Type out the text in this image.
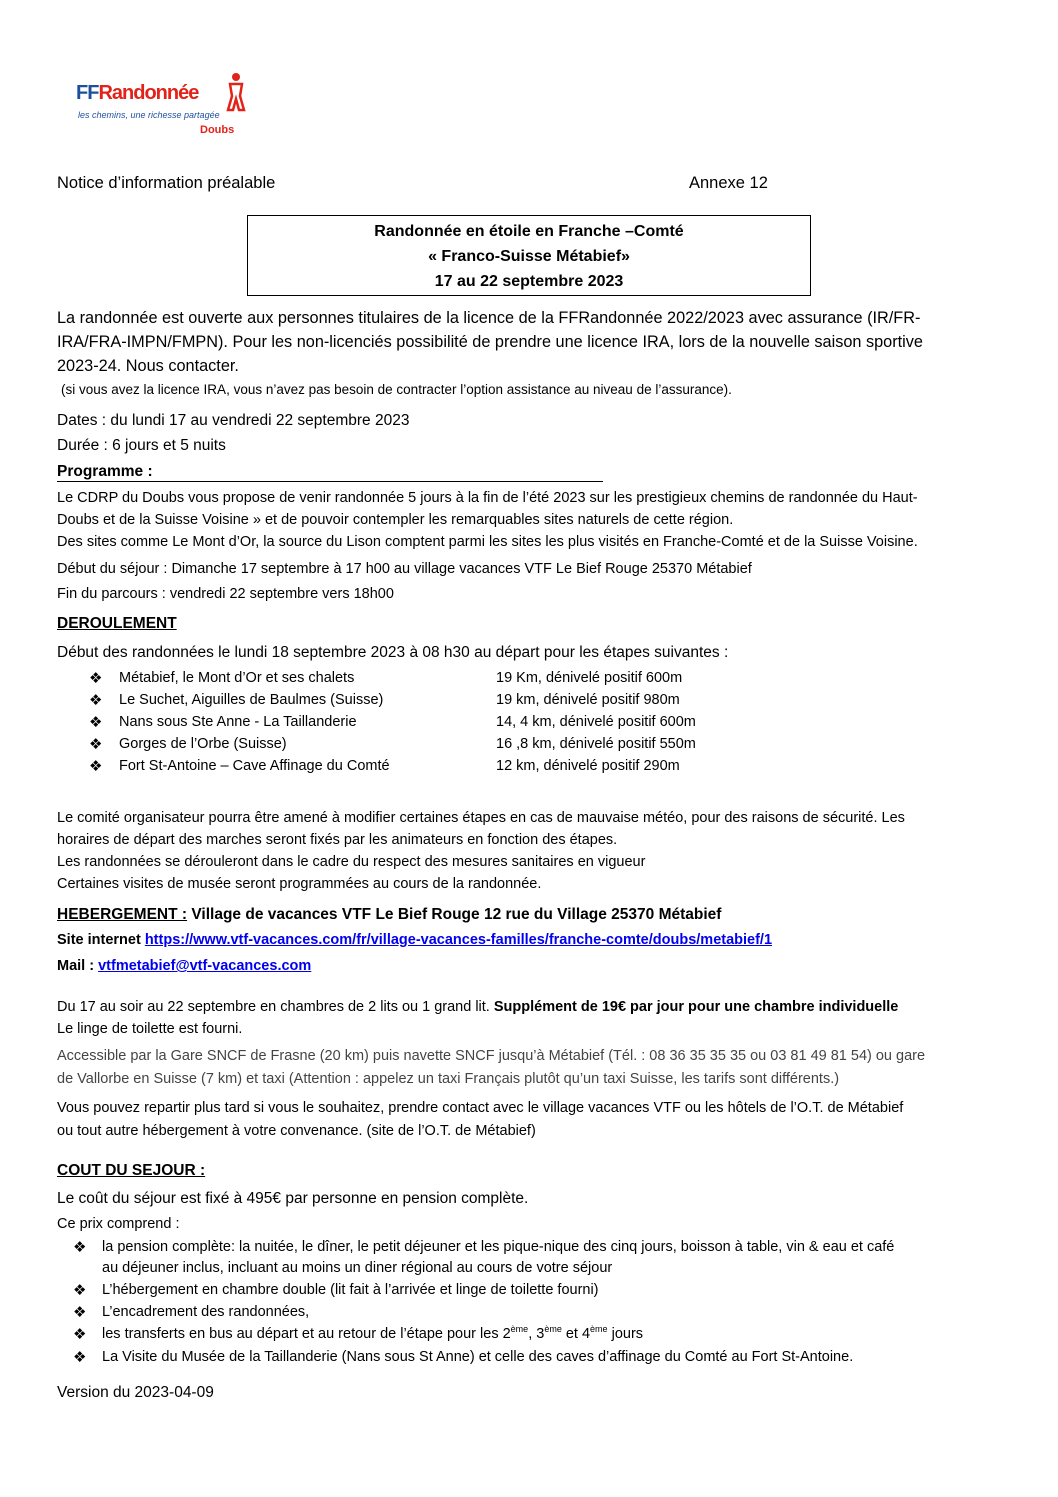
FFRandonnée
les chemins, une richesse partagée
Doubs
Notice d’information préalable	Annexe 12
Randonnée en étoile en Franche –Comté
« Franco-Suisse Métabief»
17 au 22 septembre 2023
La randonnée est ouverte aux personnes titulaires de la licence de la FFRandonnée 2022/2023 avec assurance (IR/FR-
IRA/FRA-IMPN/FMPN). Pour les non-licenciés possibilité de prendre une licence IRA, lors de la nouvelle saison sportive
2023-24. Nous contacter.
(si vous avez la licence IRA, vous n’avez pas besoin de contracter l’option assistance au niveau de l’assurance).
Dates : du lundi 17 au vendredi 22 septembre 2023
Durée : 6 jours et 5 nuits
Programme :
Le CDRP du Doubs vous propose de venir randonnée 5 jours à la fin de l’été 2023 sur les prestigieux chemins de randonnée du Haut-
Doubs et de la Suisse Voisine » et de pouvoir contempler les remarquables sites naturels de cette région.
Des sites comme Le Mont d’Or, la source du Lison comptent parmi les sites les plus visités en Franche-Comté et de la Suisse Voisine.
Début du séjour : Dimanche 17 septembre à 17 h00 au village vacances VTF Le Bief Rouge 25370 Métabief
Fin du parcours : vendredi 22 septembre vers 18h00
DEROULEMENT
Début des randonnées le lundi 18 septembre 2023 à 08 h30 au départ pour les étapes suivantes :
❖ Métabief, le Mont d’Or et ses chalets	19 Km, dénivelé positif 600m
❖ Le Suchet, Aiguilles de Baulmes (Suisse)	19 km, dénivelé positif 980m
❖ Nans sous Ste Anne - La Taillanderie	14, 4 km, dénivelé positif 600m
❖ Gorges de l’Orbe (Suisse)	16 ,8 km, dénivelé positif 550m
❖ Fort St-Antoine – Cave Affinage du Comté	12 km, dénivelé positif 290m
Le comité organisateur pourra être amené à modifier certaines étapes en cas de mauvaise météo, pour des raisons de sécurité. Les
horaires de départ des marches seront fixés par les animateurs en fonction des étapes.
Les randonnées se dérouleront dans le cadre du respect des mesures sanitaires en vigueur
Certaines visites de musée seront programmées au cours de la randonnée.
HEBERGEMENT : Village de vacances VTF Le Bief Rouge 12 rue du Village 25370 Métabief
Site internet https://www.vtf-vacances.com/fr/village-vacances-familles/franche-comte/doubs/metabief/1
Mail : vtfmetabief@vtf-vacances.com
Du 17 au soir au 22 septembre en chambres de 2 lits ou 1 grand lit. Supplément de 19€ par jour pour une chambre individuelle
Le linge de toilette est fourni.
Accessible par la Gare SNCF de Frasne (20 km) puis navette SNCF jusqu’à Métabief (Tél. : 08 36 35 35 35 ou 03 81 49 81 54) ou gare
de Vallorbe en Suisse (7 km) et taxi (Attention : appelez un taxi Français plutôt qu’un taxi Suisse, les tarifs sont différents.)
Vous pouvez repartir plus tard si vous le souhaitez, prendre contact avec le village vacances VTF ou les hôtels de l’O.T. de Métabief
ou tout autre hébergement à votre convenance. (site de l’O.T. de Métabief)
COUT DU SEJOUR :
Le coût du séjour est fixé à 495€ par personne en pension complète.
Ce prix comprend :
❖ la pension complète: la nuitée, le dîner, le petit déjeuner et les pique-nique des cinq jours, boisson à table, vin & eau et café
au déjeuner inclus, incluant au moins un diner régional au cours de votre séjour
❖ L’hébergement en chambre double (lit fait à l’arrivée et linge de toilette fourni)
❖ L’encadrement des randonnées,
❖ les transferts en bus au départ et au retour de l’étape pour les 2ème, 3ème et 4ème jours
❖ La Visite du Musée de la Taillanderie (Nans sous St Anne) et celle des caves d’affinage du Comté au Fort St-Antoine.
Version du 2023-04-09
